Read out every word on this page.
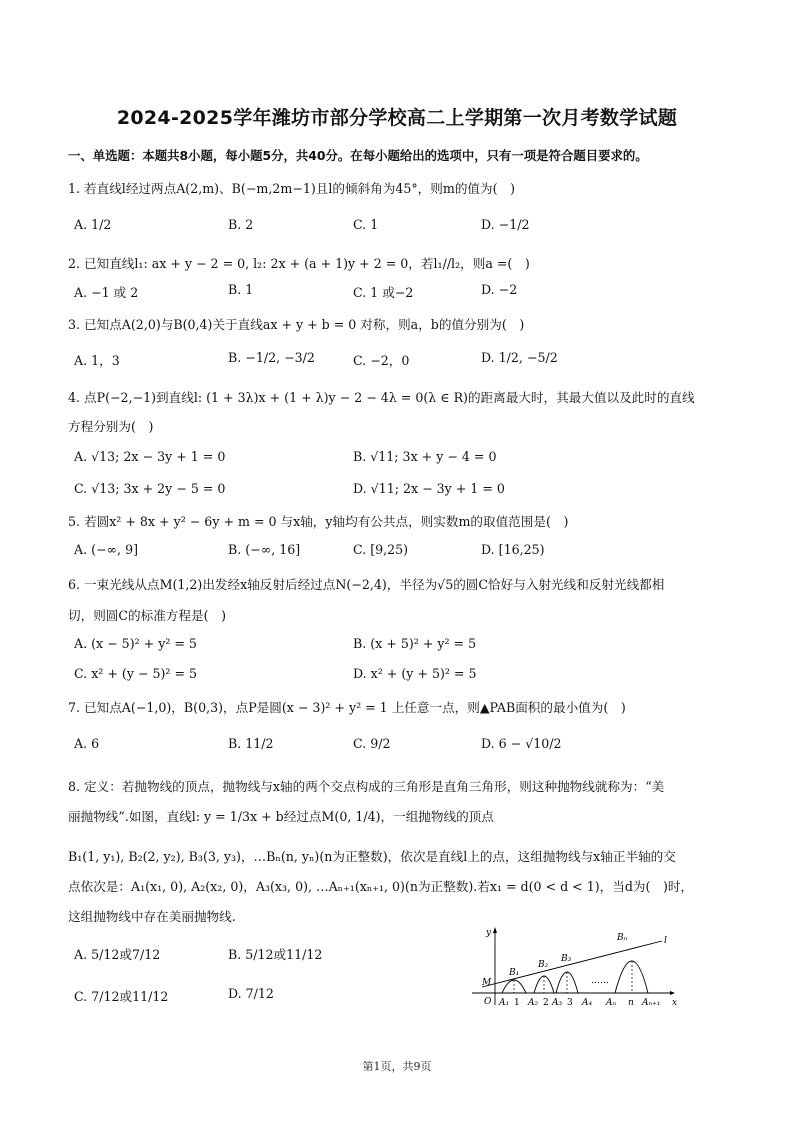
2024-2025学年潍坊市部分学校高二上学期第一次月考数学试题
一、单选题：本题共8小题，每小题5分，共40分。在每小题给出的选项中，只有一项是符合题目要求的。
1. 若直线l经过两点A(2,m)、B(−m,2m−1)且l的倾斜角为45°，则m的值为(　)
A. 1/2	B. 2	C. 1	D. −1/2
2. 已知直线l₁: ax + y − 2 = 0, l₂: 2x + (a + 1)y + 2 = 0，若l₁//l₂，则a =(　)
A. −1 或 2	B. 1	C. 1 或−2	D. −2
3. 已知点A(2,0)与B(0,4)关于直线ax + y + b = 0 对称，则a，b的值分别为(　)
A. 1，3	B. −1/2, −3/2	C. −2，0	D. 1/2, −5/2
4. 点P(−2,−1)到直线l: (1 + 3λ)x + (1 + λ)y − 2 − 4λ = 0(λ ∈ R)的距离最大时，其最大值以及此时的直线
方程分别为(　)
A. √13; 2x − 3y + 1 = 0	B. √11; 3x + y − 4 = 0
C. √13; 3x + 2y − 5 = 0	D. √11; 2x − 3y + 1 = 0
5. 若圆x² + 8x + y² − 6y + m = 0 与x轴，y轴均有公共点，则实数m的取值范围是(　)
A. (−∞, 9]	B. (−∞, 16]	C. [9,25)	D. [16,25)
6. 一束光线从点M(1,2)出发经x轴反射后经过点N(−2,4)，半径为√5的圆C恰好与入射光线和反射光线都相
切，则圆C的标准方程是(　)
A. (x − 5)² + y² = 5	B. (x + 5)² + y² = 5
C. x² + (y − 5)² = 5	D. x² + (y + 5)² = 5
7. 已知点A(−1,0)，B(0,3)，点P是圆(x − 3)² + y² = 1 上任意一点，则▲PAB面积的最小值为(　)
A. 6	B. 11/2	C. 9/2	D. 6 − √10/2
8. 定义：若抛物线的顶点，抛物线与x轴的两个交点构成的三角形是直角三角形，则这种抛物线就称为：“美
丽抛物线”.如图，直线l: y = 1/3x + b经过点M(0, 1/4)，一组抛物线的顶点
B₁(1, y₁), B₂(2, y₂), B₃(3, y₃)，…Bₙ(n, yₙ)(n为正整数)，依次是直线l上的点，这组抛物线与x轴正半轴的交
点依次是：A₁(x₁, 0), A₂(x₂, 0)，A₃(x₃, 0), …Aₙ₊₁(xₙ₊₁, 0)(n为正整数).若x₁ = d(0 < d < 1)，当d为(　)时，
这组抛物线中存在美丽抛物线.
A. 5/12或7/12	B. 5/12或11/12
C. 7/12或11/12	D. 7/12
y
x
l
M
O
B₁
B₂
B₃
Bₙ
A₁ 1 A₂ 2 A₃ 3 A₄
……
Aₙ n Aₙ₊₁
第1页，共9页
